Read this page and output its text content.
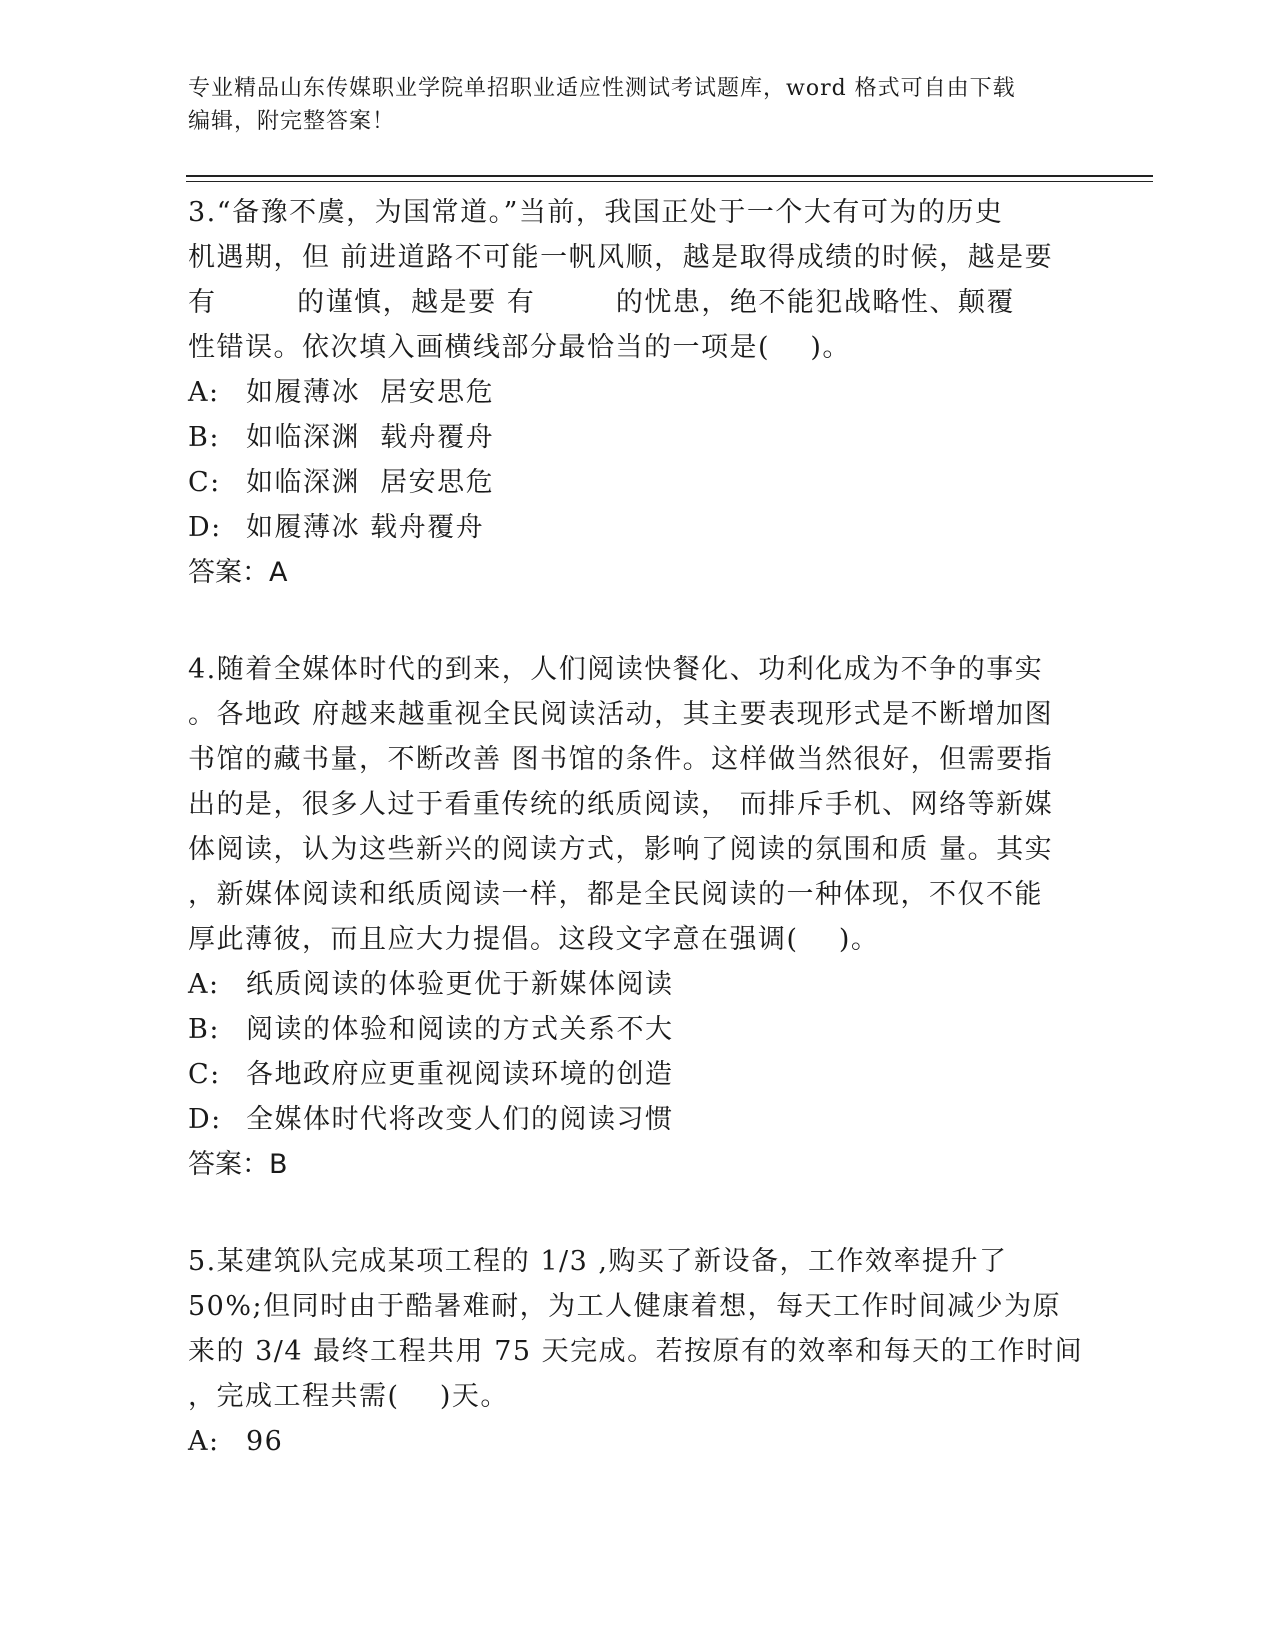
专业精品山东传媒职业学院单招职业适应性测试考试题库，word 格式可自由下载
编辑，附完整答案！
3.“备豫不虞，为国常道。”当前，我国正处于一个大有可为的历史
机遇期，但 前进道路不可能一帆风顺，越是取得成绩的时候，越是要
有        的谨慎，越是要 有        的忧患，绝不能犯战略性、颠覆
性错误。依次填入画横线部分最恰当的一项是(    )。
A: 如履薄冰  居安思危
B: 如临深渊  载舟覆舟
C: 如临深渊  居安思危
D: 如履薄冰 载舟覆舟
答案：A
4.随着全媒体时代的到来，人们阅读快餐化、功利化成为不争的事实
。各地政 府越来越重视全民阅读活动，其主要表现形式是不断增加图
书馆的藏书量，不断改善 图书馆的条件。这样做当然很好，但需要指
出的是，很多人过于看重传统的纸质阅读， 而排斥手机、网络等新媒
体阅读，认为这些新兴的阅读方式，影响了阅读的氛围和质 量。其实
，新媒体阅读和纸质阅读一样，都是全民阅读的一种体现，不仅不能
厚此薄彼，而且应大力提倡。这段文字意在强调(    )。
A: 纸质阅读的体验更优于新媒体阅读
B: 阅读的体验和阅读的方式关系不大
C: 各地政府应更重视阅读环境的创造
D: 全媒体时代将改变人们的阅读习惯
答案：B
5.某建筑队完成某项工程的 1/3 ,购买了新设备，工作效率提升了
50%;但同时由于酷暑难耐，为工人健康着想，每天工作时间减少为原
来的 3/4 最终工程共用 75 天完成。若按原有的效率和每天的工作时间
，完成工程共需(    )天。
A: 96
